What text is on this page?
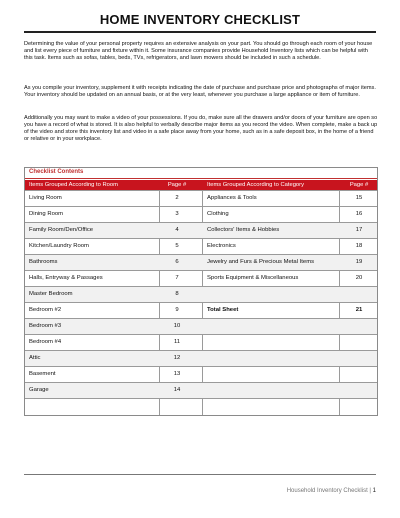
HOME INVENTORY CHECKLIST

Determining the value of your personal property requires an extensive analysis on your part. You should go through each room of your house and list every piece of furniture and fixture within it. Some insurance companies provide Household Inventory lists which can be helpful with this task. Items such as sofas, tables, beds, TVs, refrigerators, and lawn mowers should be included in such a schedule.

As you compile your inventory, supplement it with receipts indicating the date of purchase and purchase price and photographs of major items. Your inventory should be updated on an annual basis, or at the very least, whenever you purchase a large appliance or item of furniture.

Additionally you may want to make a video of your possessions. If you do, make sure all the drawers and/or doors of your furniture are open so you have a record of what is stored. It is also helpful to verbally describe major items as you record the video. When complete, make a back up of the video and store this inventory list and video in a safe place away from your home, such as in a safe deposit box, in the home of a friend or relative or in your workplace.

Checklist Contents
Items Grouped According to Room	Page #	Items Grouped According to Category	Page #
Living Room	2	Appliances & Tools	15
Dining Room	3	Clothing	16
Family Room/Den/Office	4	Collectors' Items & Hobbies	17
Kitchen/Laundry Room	5	Electronics	18
Bathrooms	6	Jewelry and Furs & Precious Metal Items	19
Halls, Entryway & Passages	7	Sports Equipment & Miscellaneous	20
Master Bedroom	8
Bedroom #2	9	Total Sheet	21
Bedroom #3	10
Bedroom #4	11
Attic	12
Basement	13
Garage	14
Household Inventory Checklist | 1
